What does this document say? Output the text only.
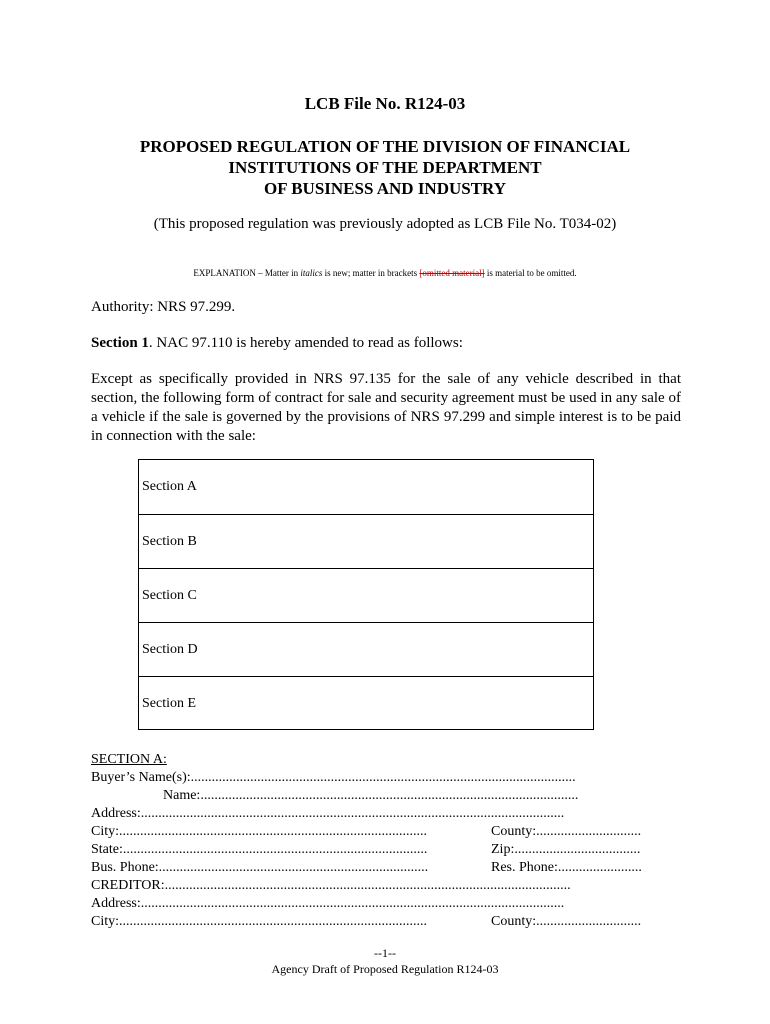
LCB File No. R124-03
PROPOSED REGULATION OF THE DIVISION OF FINANCIAL
INSTITUTIONS OF THE DEPARTMENT
OF BUSINESS AND INDUSTRY
(This proposed regulation was previously adopted as LCB File No. T034-02)
EXPLANATION – Matter in italics is new; matter in brackets [omitted material] is material to be omitted.
Authority: NRS 97.299.
Section 1. NAC 97.110 is hereby amended to read as follows:
Except as specifically provided in NRS 97.135 for the sale of any vehicle described in that section, the following form of contract for sale and security agreement must be used in any sale of a vehicle if the sale is governed by the provisions of NRS 97.299 and simple interest is to be paid in connection with the sale:
Section A
Section B
Section C
Section D
Section E
SECTION A:
Buyer’s Name(s):..............................................................................................................
Name:............................................................................................................
Address:.........................................................................................................................
City:........................................................................................	County:..............................
State:.......................................................................................	Zip:....................................
Bus. Phone:.............................................................................	Res. Phone:........................
CREDITOR:....................................................................................................................
Address:.........................................................................................................................
City:........................................................................................	County:..............................
--1--
Agency Draft of Proposed Regulation R124-03
